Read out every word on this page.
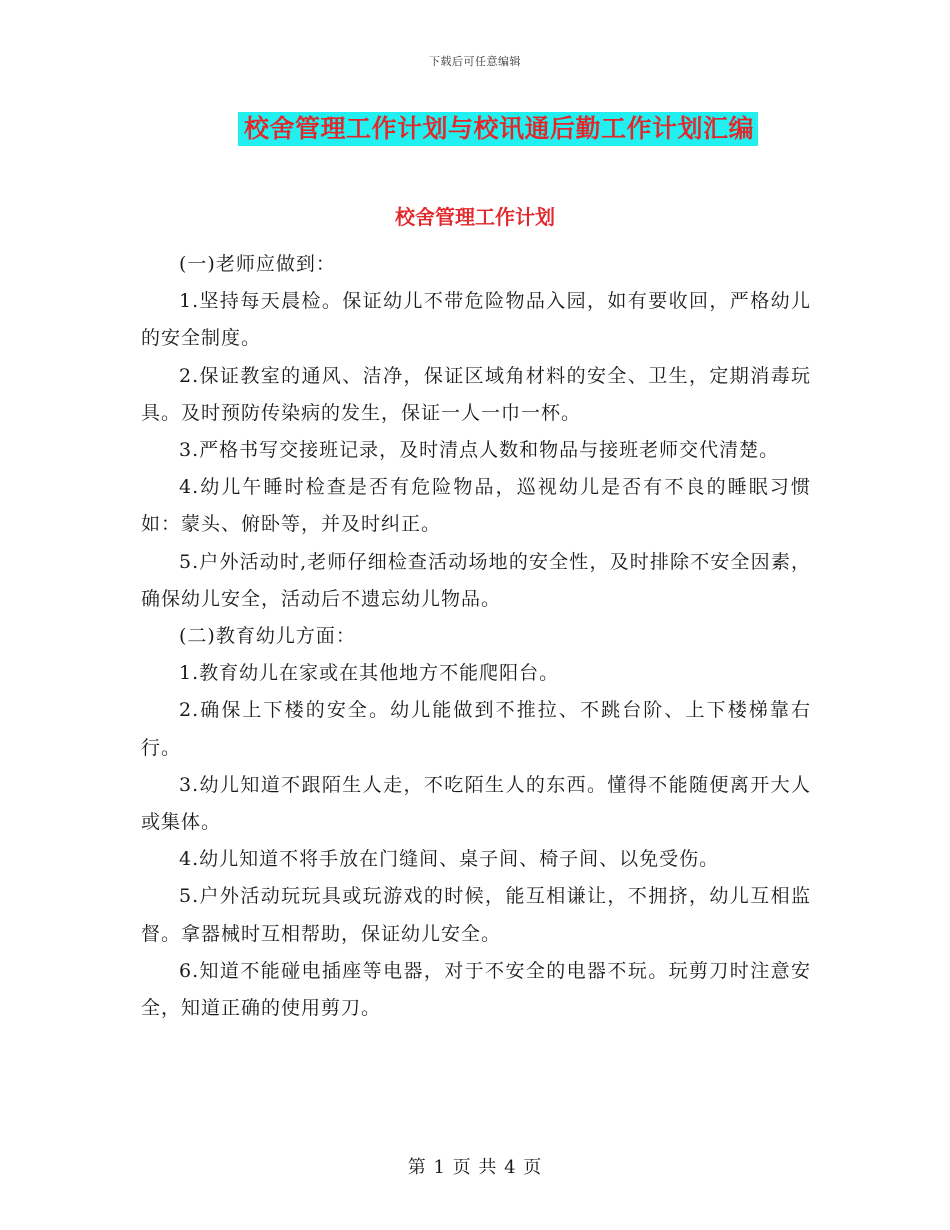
下载后可任意编辑
校舍管理工作计划与校讯通后勤工作计划汇编
校舍管理工作计划

(一)老师应做到：

1.坚持每天晨检。保证幼儿不带危险物品入园，如有要收回，严格幼儿的安全制度。

2.保证教室的通风、洁净，保证区域角材料的安全、卫生，定期消毒玩具。及时预防传染病的发生，保证一人一巾一杯。

3.严格书写交接班记录，及时清点人数和物品与接班老师交代清楚。

4.幼儿午睡时检查是否有危险物品，巡视幼儿是否有不良的睡眠习惯如：蒙头、俯卧等，并及时纠正。

5.户外活动时,老师仔细检查活动场地的安全性，及时排除不安全因素，确保幼儿安全，活动后不遗忘幼儿物品。

(二)教育幼儿方面：

1.教育幼儿在家或在其他地方不能爬阳台。

2.确保上下楼的安全。幼儿能做到不推拉、不跳台阶、上下楼梯靠右行。

3.幼儿知道不跟陌生人走，不吃陌生人的东西。懂得不能随便离开大人或集体。

4.幼儿知道不将手放在门缝间、桌子间、椅子间、以免受伤。

5.户外活动玩玩具或玩游戏的时候，能互相谦让，不拥挤，幼儿互相监督。拿器械时互相帮助，保证幼儿安全。

6.知道不能碰电插座等电器，对于不安全的电器不玩。玩剪刀时注意安全，知道正确的使用剪刀。

第 1 页 共 4 页
